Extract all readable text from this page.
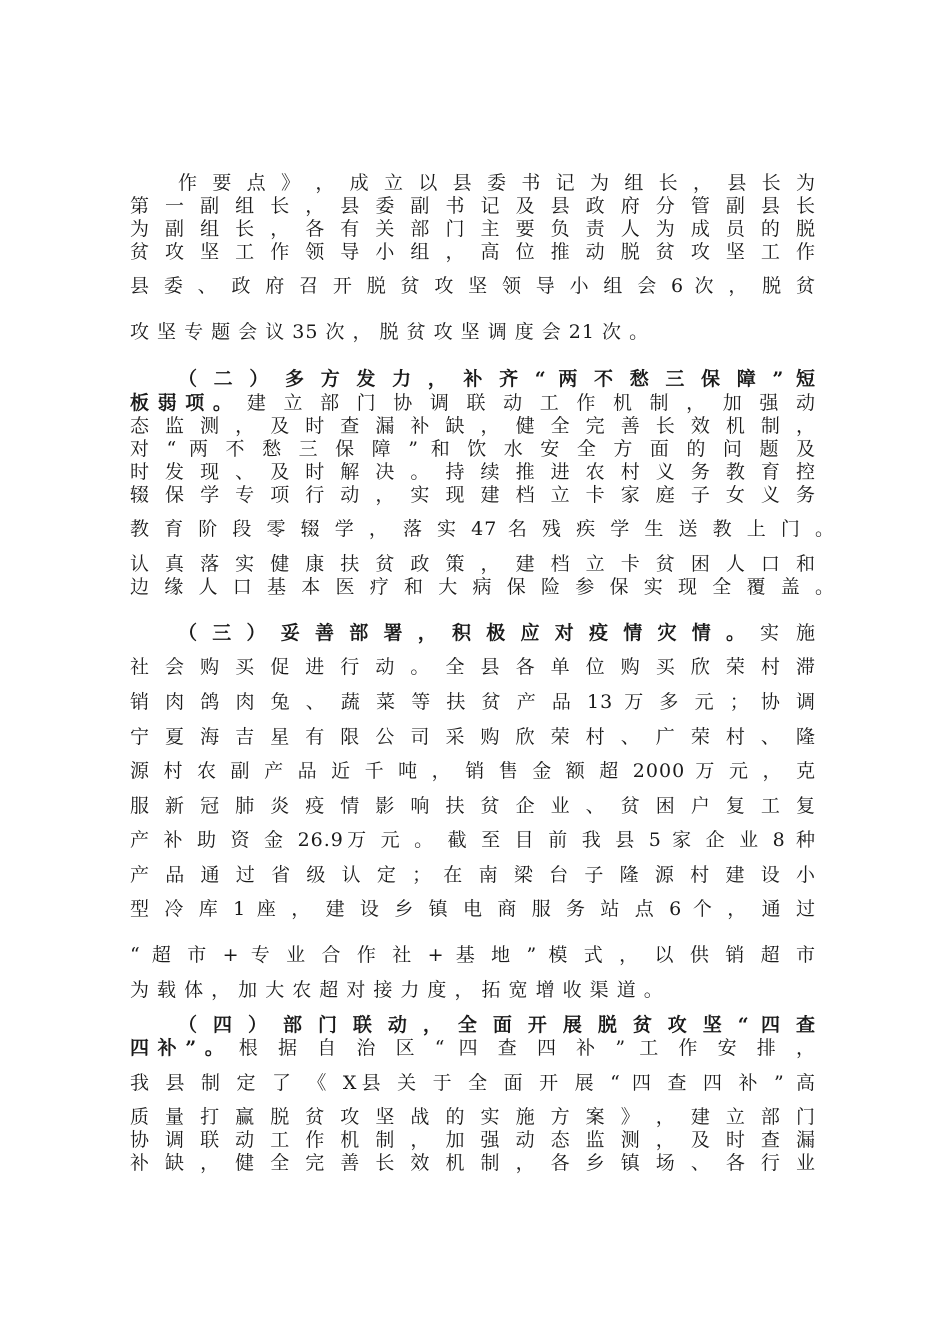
作 要 点 》 ， 成 立 以 县 委 书 记 为 组 长 ， 县 长 为
第 一 副 组 长 ， 县 委 副 书 记 及 县 政 府 分 管 副 县 长
为 副 组 长 ， 各 有 关 部 门 主 要 负 责 人 为 成 员 的 脱
贫 攻 坚 工 作 领 导 小 组 ， 高 位 推 动 脱 贫 攻 坚 工 作
县 委 、 政 府 召 开 脱 贫 攻 坚 领 导 小 组 会 6 次 ， 脱 贫
攻 坚 专 题 会 议 35 次 ， 脱 贫 攻 坚 调 度 会 21 次 。
（ 二 ） 多 方 发 力 ， 补 齐 “ 两 不 愁 三 保 障 ” 短
板 弱 项 。 建 立 部 门 协 调 联 动 工 作 机 制 ， 加 强 动
态 监 测 ， 及 时 查 漏 补 缺 ， 健 全 完 善 长 效 机 制 ，
对 “ 两 不 愁 三 保 障 ” 和 饮 水 安 全 方 面 的 问 题 及
时 发 现 、 及 时 解 决 。 持 续 推 进 农 村 义 务 教 育 控
辍 保 学 专 项 行 动 ， 实 现 建 档 立 卡 家 庭 子 女 义 务
教 育 阶 段 零 辍 学 ， 落 实 47 名 残 疾 学 生 送 教 上 门 。
认 真 落 实 健 康 扶 贫 政 策 ， 建 档 立 卡 贫 困 人 口 和
边 缘 人 口 基 本 医 疗 和 大 病 保 险 参 保 实 现 全 覆 盖 。
（ 三 ） 妥 善 部 署 ， 积 极 应 对 疫 情 灾 情 。 实 施
社 会 购 买 促 进 行 动 。 全 县 各 单 位 购 买 欣 荣 村 滞
销 肉 鸽 肉 兔 、 蔬 菜 等 扶 贫 产 品 13 万 多 元 ； 协 调
宁 夏 海 吉 星 有 限 公 司 采 购 欣 荣 村 、 广 荣 村 、 隆
源 村 农 副 产 品 近 千 吨 ， 销 售 金 额 超 2000 万 元 ， 克
服 新 冠 肺 炎 疫 情 影 响 扶 贫 企 业 、 贫 困 户 复 工 复
产 补 助 资 金 26.9万 元 。 截 至 目 前 我 县 5 家 企 业 8 种
产 品 通 过 省 级 认 定 ； 在 南 梁 台 子 隆 源 村 建 设 小
型 冷 库 1 座 ， 建 设 乡 镇 电 商 服 务 站 点 6 个 ， 通 过
“ 超 市 + 专 业 合 作 社 + 基 地 ” 模 式 ， 以 供 销 超 市
为 载 体 ， 加 大 农 超 对 接 力 度 ， 拓 宽 增 收 渠 道 。
（ 四 ） 部 门 联 动 ， 全 面 开 展 脱 贫 攻 坚 “ 四 查
四 补 ” 。 根 据 自 治 区 “ 四 查 四 补 ” 工 作 安 排 ，
我 县 制 定 了 《 X县 关 于 全 面 开 展 “ 四 查 四 补 ” 高
质 量 打 赢 脱 贫 攻 坚 战 的 实 施 方 案 》 ， 建 立 部 门
协 调 联 动 工 作 机 制 ， 加 强 动 态 监 测 ， 及 时 查 漏
补 缺 ， 健 全 完 善 长 效 机 制 ， 各 乡 镇 场 、 各 行 业
